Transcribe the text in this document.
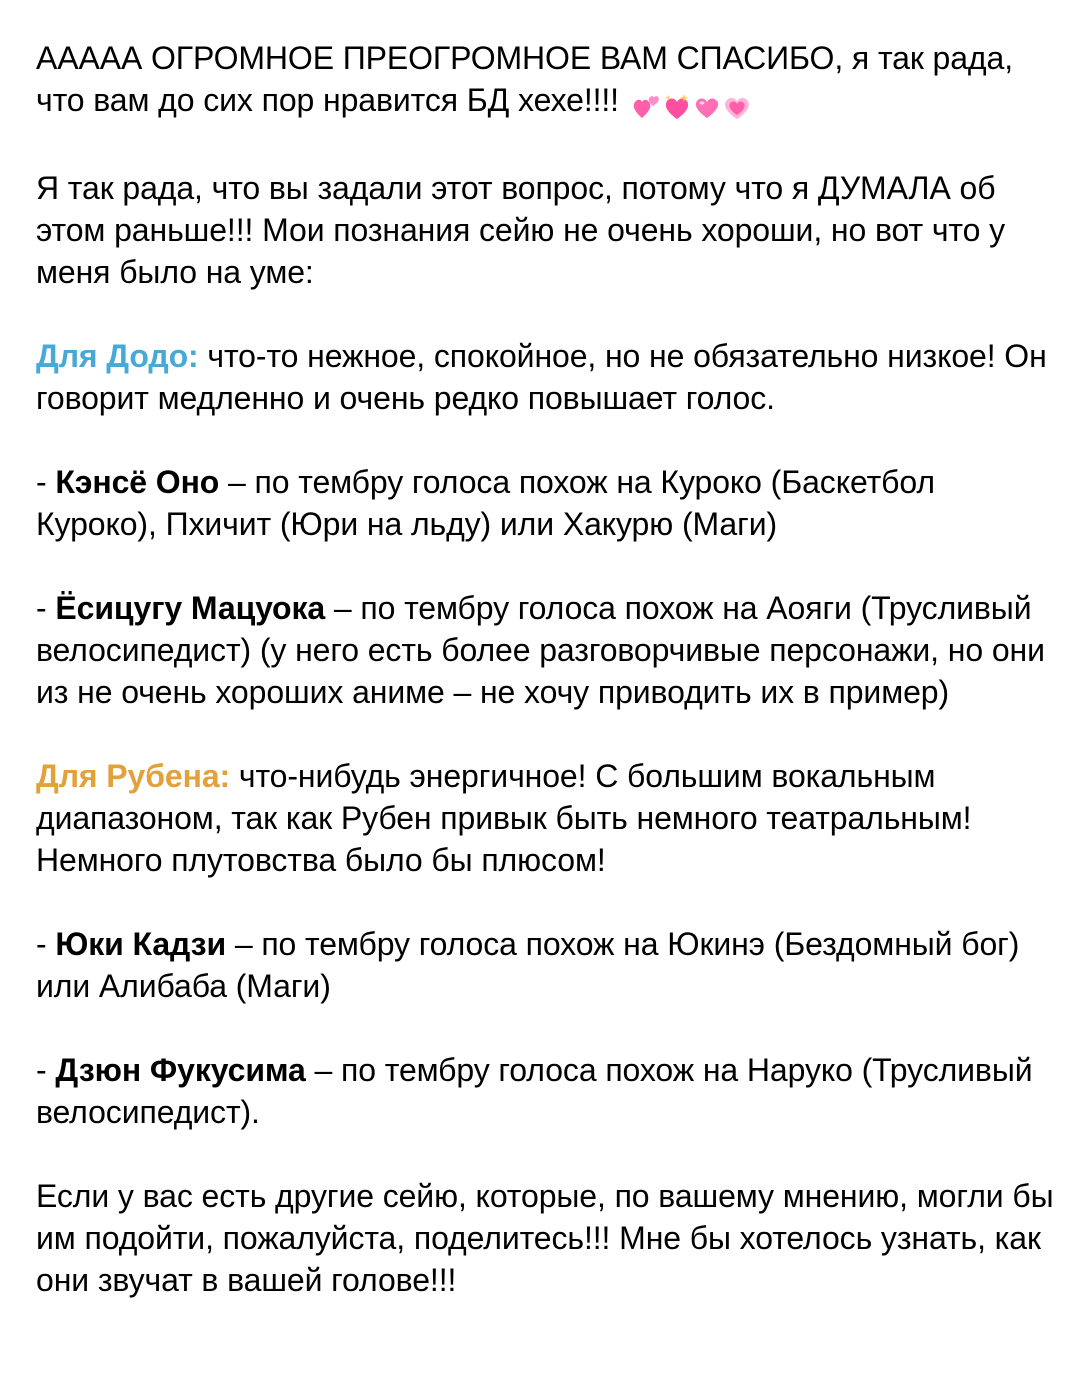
ААААА ОГРОМНОЕ ПРЕОГРОМНОЕ ВАМ СПАСИБО, я так рада, что вам до сих пор нравится БД хехе!!!!

Я так рада, что вы задали этот вопрос, потому что я ДУМАЛА об этом раньше!!! Мои познания сейю не очень хороши, но вот что у меня было на уме:

Для Додо: что-то нежное, спокойное, но не обязательно низкое! Он говорит медленно и очень редко повышает голос.

- Кэнсё Оно – по тембру голоса похож на Куроко (Баскетбол Куроко), Пхичит (Юри на льду) или Хакурю (Маги)

- Ёсицугу Мацуока – по тембру голоса похож на Аояги (Трусливый велосипедист) (у него есть более разговорчивые персонажи, но они из не очень хороших аниме – не хочу приводить их в пример)

Для Рубена: что-нибудь энергичное! С большим вокальным диапазоном, так как Рубен привык быть немного театральным! Немного плутовства было бы плюсом!

- Юки Кадзи – по тембру голоса похож на Юкинэ (Бездомный бог) или Алибаба (Маги)

- Дзюн Фукусима – по тембру голоса похож на Наруко (Трусливый велосипедист).

Если у вас есть другие сейю, которые, по вашему мнению, могли бы им подойти, пожалуйста, поделитесь!!! Мне бы хотелось узнать, как они звучат в вашей голове!!!
